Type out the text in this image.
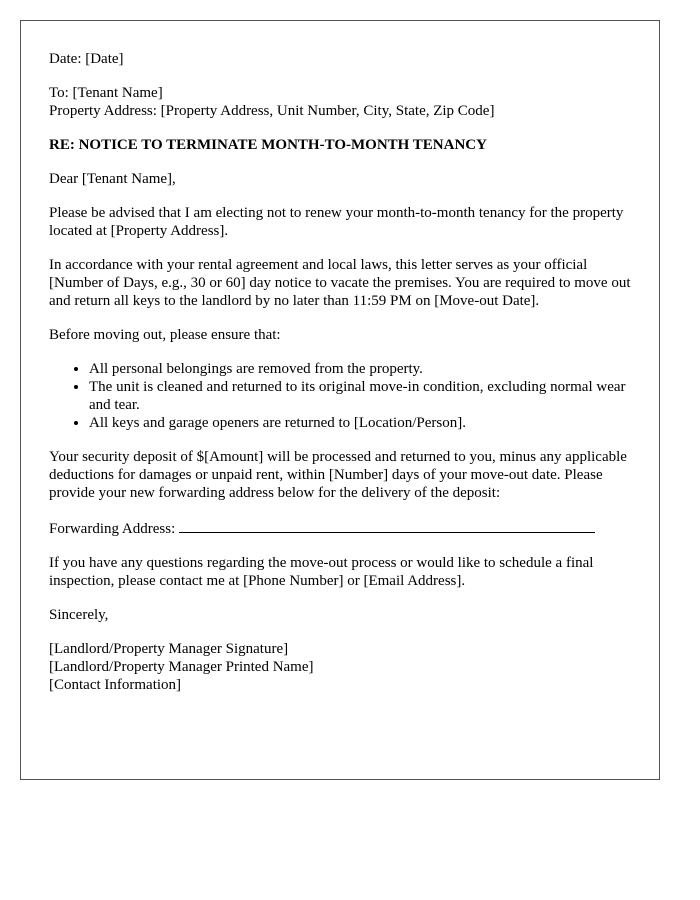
Date: [Date]

To: [Tenant Name]
Property Address: [Property Address, Unit Number, City, State, Zip Code]

RE: NOTICE TO TERMINATE MONTH-TO-MONTH TENANCY

Dear [Tenant Name],

Please be advised that I am electing not to renew your month-to-month tenancy for the property located at [Property Address].

In accordance with your rental agreement and local laws, this letter serves as your official [Number of Days, e.g., 30 or 60] day notice to vacate the premises. You are required to move out and return all keys to the landlord by no later than 11:59 PM on [Move-out Date].

Before moving out, please ensure that:

• All personal belongings are removed from the property.
• The unit is cleaned and returned to its original move-in condition, excluding normal wear and tear.
• All keys and garage openers are returned to [Location/Person].

Your security deposit of $[Amount] will be processed and returned to you, minus any applicable deductions for damages or unpaid rent, within [Number] days of your move-out date. Please provide your new forwarding address below for the delivery of the deposit:

Forwarding Address:

If you have any questions regarding the move-out process or would like to schedule a final inspection, please contact me at [Phone Number] or [Email Address].

Sincerely,

[Landlord/Property Manager Signature]
[Landlord/Property Manager Printed Name]
[Contact Information]
